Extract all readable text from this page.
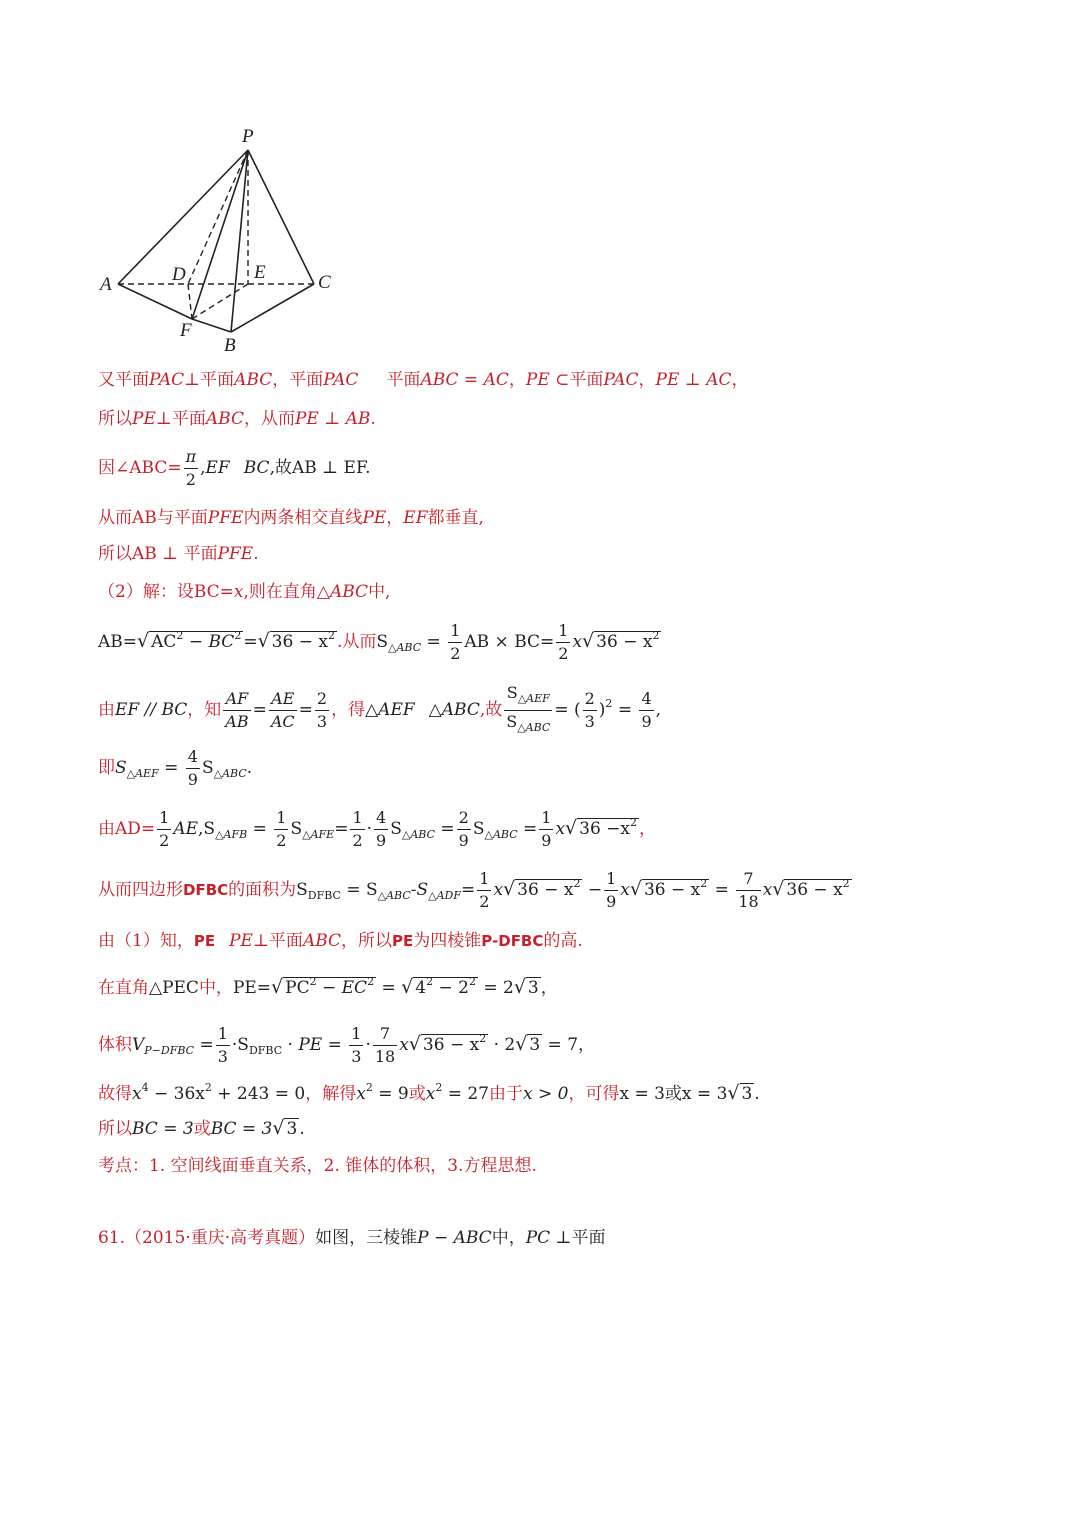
P
A	C
D	E
F
B
又平面PAC⊥平面ABC，平面PAC 平面ABC = AC，PE ⊂平面PAC，PE ⊥ AC，
所以PE⊥平面ABC，从而PE ⊥ AB.
因∠ABC= $\frac{\pi}{2} ,EF$ BC,故AB ⊥ EF.
从而AB与平面PFE内两条相交直线PE，EF都垂直,
所以AB ⊥ 平面PFE.
（2）解：设BC=x,则在直角△ABC中,
AB=√ $AC^2 - BC^2$ =√ $36 - x^2$ .从而$S_{\triangle ABC} = \frac{1}{2}$ AB × $BC= \frac{1}{2} x√$ $36 - x^2$
由EF // BC，知 $\frac{AF}{AB} = \frac{AE}{AC} = \frac{2}{3}$ ，得△AEF △ABC,故 $\frac{S_{\triangle AEF}}{S_{\triangle ABC}}$ = ( $\frac{2}{3} )^2 = \frac{4}{9}$ ,
即$S_{\triangle AEF} = \frac{4}{9} S_{\triangle ABC}$.
由$AD= \frac{1}{2} AE,S_{\triangle AFB} = \frac{1}{2} S_{\triangle AFE}= \frac{1}{2} \cdot \frac{4}{9} S_{\triangle ABC} = \frac{2}{9} S_{\triangle ABC} = \frac{1}{9} x√$ $36 -x^2$ ，
从而四边形DFBC的面积为$S_{DFBC} = S_{\triangle ABC}-S_{\triangle ADF}= \frac{1}{2} x√$ $36 - x^2 - \frac{1}{9} x√$ $36 - x^2 = \frac{7}{18} x√$ $36 - x^2$
由（1）知，PE PE⊥平面ABC，所以PE为四棱锥P-DFBC的高.
在直角△PEC中，PE=√ $PC^2 - EC^2$ = √ $4^2 - 2^2 = 2√$ 3 ，
体积$V_{P-DFBC} = \frac{1}{3} \cdot S_{DFBC}$ · PE = $\frac{1}{3} \cdot \frac{7}{18} x√$ $36 - x^2 \cdot 2√$ 3 = 7，
故得$x^4 - 36x^2 + 243 = 0$，解得$x^2 = 9$或$x^2 = 27$由于x > 0，可得x = 3或x = 3√ 3 .
所以BC = 3或BC = 3√ 3 .
考点：1. 空间线面垂直关系，2. 锥体的体积，3.方程思想.
61.（2015·重庆·高考真题）如图，三棱锥P − ABC中，PC ⊥平面
